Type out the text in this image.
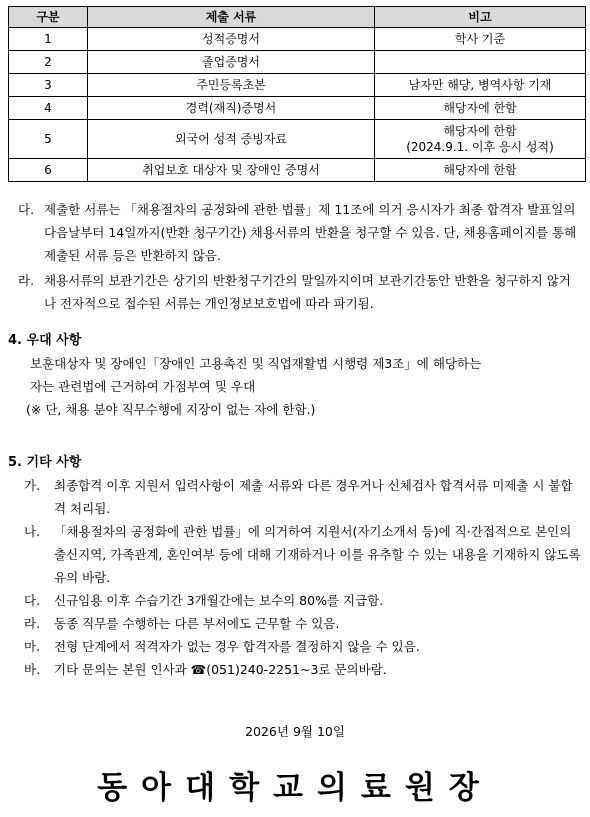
구분	제출 서류	비고
1	성적증명서	학사 기준
2	졸업증명서	
3	주민등록초본	남자만 해당, 병역사항 기재
4	경력(재직)증명서	해당자에 한함
5	외국어 성적 증빙자료	해당자에 한함
(2024.9.1. 이후 응시 성적)

6	취업보호 대상자 및 장애인 증명서	해당자에 한함
다. 제출한 서류는 「채용절차의 공정화에 관한 법률」제 11조에 의거 응시자가 최종 합격자 발표일의 다음날부터 14일까지(반환 청구기간) 채용서류의 반환을 청구할 수 있음. 단, 채용홈페이지를 통해 제출된 서류 등은 반환하지 않음.
라. 채용서류의 보관기간은 상기의 반환청구기간의 말일까지이며 보관기간동안 반환을 청구하지 않거나 전자적으로 접수된 서류는 개인정보보호법에 따라 파기됨.
4. 우대 사항
보훈대상자 및 장애인「장애인 고용촉진 및 직업재활법 시행령 제3조」에 해당하는
자는 관련법에 근거하여 가점부여 및 우대
(※ 단, 채용 분야 직무수행에 지장이 없는 자에 한함.)
5. 기타 사항
가. 최종합격 이후 지원서 입력사항이 제출 서류와 다른 경우거나 신체검사 합격서류 미제출 시 불합격 처리됨.
나. 「채용절차의 공정화에 관한 법률」에 의거하여 지원서(자기소개서 등)에 직·간접적으로 본인의 출신지역, 가족관계, 혼인여부 등에 대해 기재하거나 이를 유추할 수 있는 내용을 기재하지 않도록 유의 바람.
다. 신규임용 이후 수습기간 3개월간에는 보수의 80%를 지급함.
라. 동종 직무를 수행하는 다른 부서에도 근무할 수 있음.
마. 전형 단계에서 적격자가 없는 경우 합격자를 결정하지 않을 수 있음.
바. 기타 문의는 본원 인사과 ☎(051)240-2251~3로 문의바람.
2026년 9월 10일
동아대학교의료원장
